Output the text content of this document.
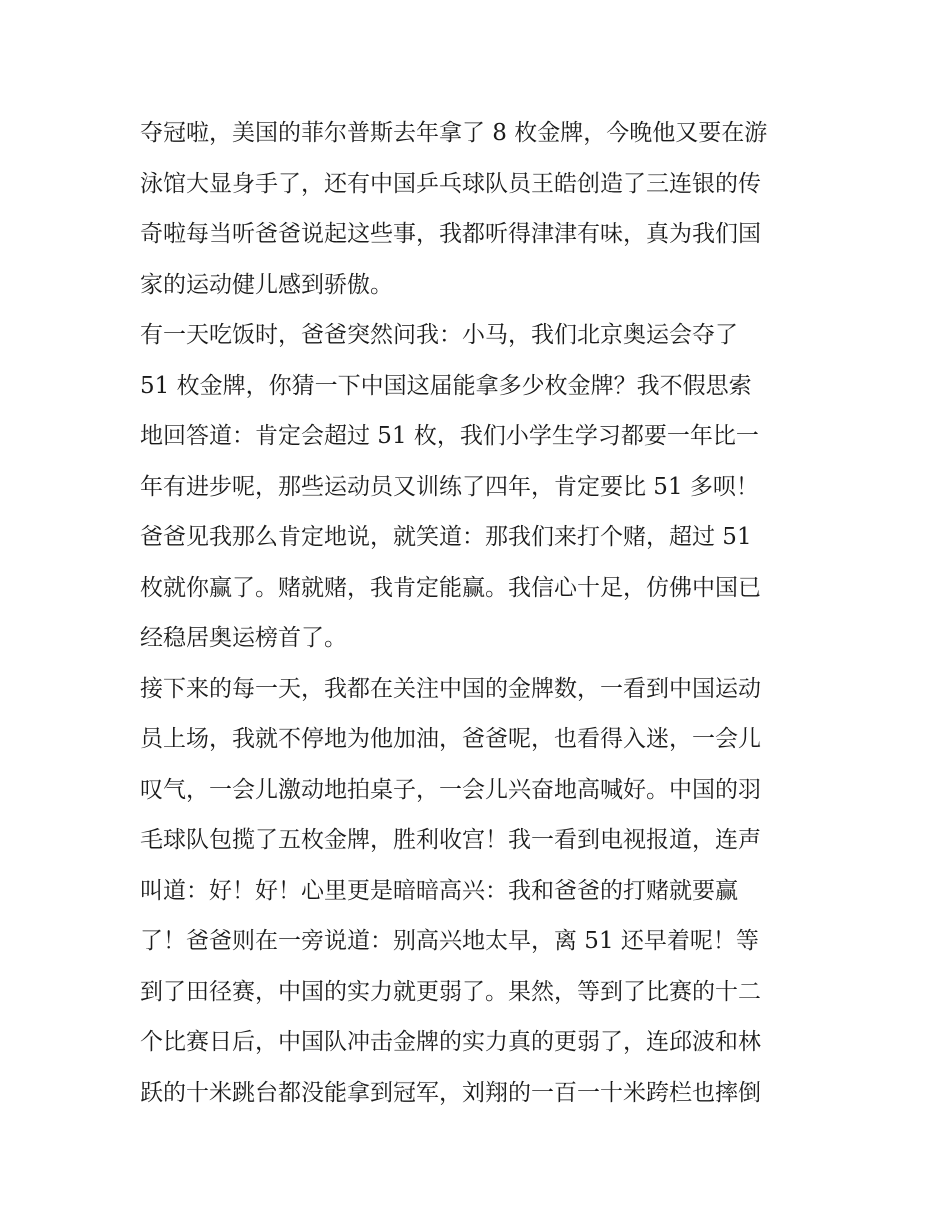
夺冠啦，美国的菲尔普斯去年拿了 8 枚金牌，今晚他又要在游
泳馆大显身手了，还有中国乒乓球队员王皓创造了三连银的传
奇啦每当听爸爸说起这些事，我都听得津津有味，真为我们国
家的运动健儿感到骄傲。
有一天吃饭时，爸爸突然问我：小马，我们北京奥运会夺了
51 枚金牌，你猜一下中国这届能拿多少枚金牌？我不假思索
地回答道：肯定会超过 51 枚，我们小学生学习都要一年比一
年有进步呢，那些运动员又训练了四年，肯定要比 51 多呗！
爸爸见我那么肯定地说，就笑道：那我们来打个赌，超过 51
枚就你赢了。赌就赌，我肯定能赢。我信心十足，仿佛中国已
经稳居奥运榜首了。
接下来的每一天，我都在关注中国的金牌数，一看到中国运动
员上场，我就不停地为他加油，爸爸呢，也看得入迷，一会儿
叹气，一会儿激动地拍桌子，一会儿兴奋地高喊好。中国的羽
毛球队包揽了五枚金牌，胜利收宫！我一看到电视报道，连声
叫道：好！好！心里更是暗暗高兴：我和爸爸的打赌就要赢
了！爸爸则在一旁说道：别高兴地太早，离 51 还早着呢！等
到了田径赛，中国的实力就更弱了。果然，等到了比赛的十二
个比赛日后，中国队冲击金牌的实力真的更弱了，连邱波和林
跃的十米跳台都没能拿到冠军，刘翔的一百一十米跨栏也摔倒
